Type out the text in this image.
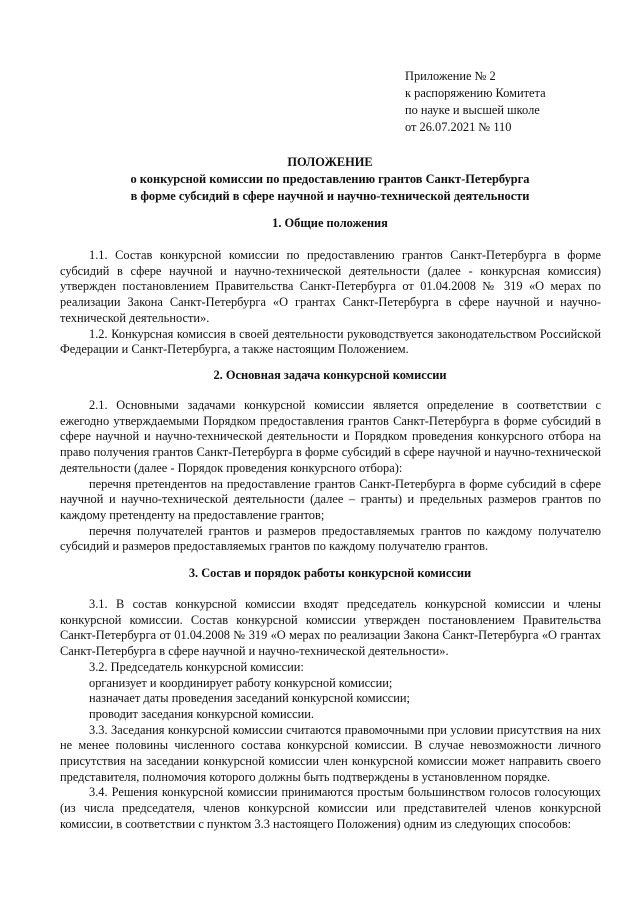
Приложение № 2
к распоряжению Комитета
по науке и высшей школе
от 26.07.2021 № 110
ПОЛОЖЕНИЕ
о конкурсной комиссии по предоставлению грантов Санкт-Петербурга
в форме субсидий в сфере научной и научно-технической деятельности
1. Общие положения

1.1. Состав конкурсной комиссии по предоставлению грантов Санкт-Петербурга в форме субсидий в сфере научной и научно-технической деятельности (далее - конкурсная комиссия) утвержден постановлением Правительства Санкт-Петербурга от 01.04.2008 № 319 «О мерах по реализации Закона Санкт-Петербурга «О грантах Санкт-Петербурга в сфере научной и научно-технической деятельности».

1.2. Конкурсная комиссия в своей деятельности руководствуется законодательством Российской Федерации и Санкт-Петербурга, а также настоящим Положением.

2. Основная задача конкурсной комиссии

2.1. Основными задачами конкурсной комиссии является определение в соответствии с ежегодно утверждаемыми Порядком предоставления грантов Санкт-Петербурга в форме субсидий в сфере научной и научно-технической деятельности и Порядком проведения конкурсного отбора на право получения грантов Санкт-Петербурга в форме субсидий в сфере научной и научно-технической деятельности (далее - Порядок проведения конкурсного отбора):

перечня претендентов на предоставление грантов Санкт-Петербурга в форме субсидий в сфере научной и научно-технической деятельности (далее – гранты) и предельных размеров грантов по каждому претенденту на предоставление грантов;

перечня получателей грантов и размеров предоставляемых грантов по каждому получателю субсидий и размеров предоставляемых грантов по каждому получателю грантов.

3. Состав и порядок работы конкурсной комиссии

3.1. В состав конкурсной комиссии входят председатель конкурсной комиссии и члены конкурсной комиссии. Состав конкурсной комиссии утвержден постановлением Правительства Санкт-Петербурга от 01.04.2008 № 319 «О мерах по реализации Закона Санкт-Петербурга «О грантах Санкт-Петербурга в сфере научной и научно-технической деятельности».

3.2. Председатель конкурсной комиссии:

организует и координирует работу конкурсной комиссии;

назначает даты проведения заседаний конкурсной комиссии;

проводит заседания конкурсной комиссии.

3.3. Заседания конкурсной комиссии считаются правомочными при условии присутствия на них не менее половины численного состава конкурсной комиссии. В случае невозможности личного присутствия на заседании конкурсной комиссии член конкурсной комиссии может направить своего представителя, полномочия которого должны быть подтверждены в установленном порядке.

3.4. Решения конкурсной комиссии принимаются простым большинством голосов голосующих (из числа председателя, членов конкурсной комиссии или представителей членов конкурсной комиссии, в соответствии с пунктом 3.3 настоящего Положения) одним из следующих способов:
